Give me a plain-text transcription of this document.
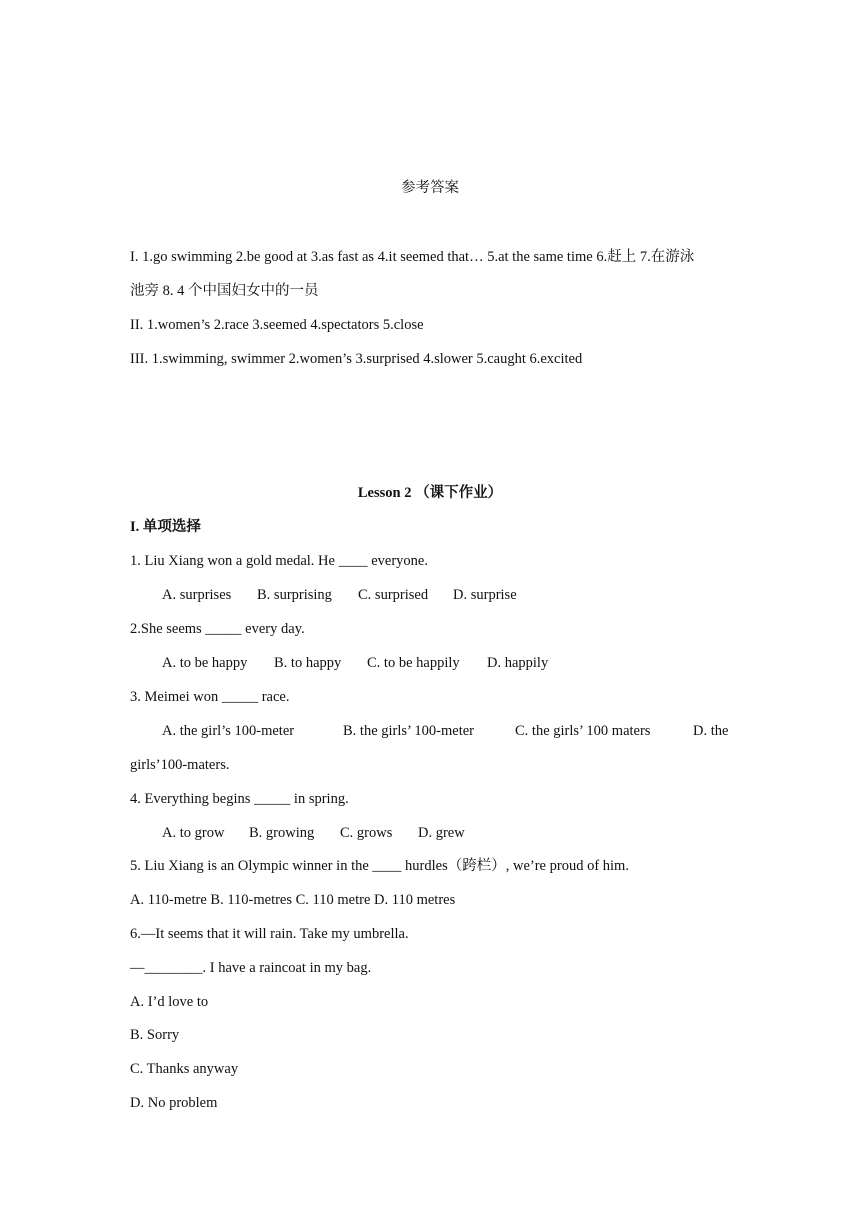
参考答案
I. 1.go swimming 2.be good at 3.as fast as 4.it seemed that… 5.at the same time 6.赶上 7.在游泳
池旁 8. 4 个中国妇女中的一员
II. 1.women’s 2.race 3.seemed 4.spectators 5.close
III. 1.swimming, swimmer 2.women’s 3.surprised 4.slower 5.caught 6.excited
Lesson 2 （课下作业）
I. 单项选择
1. Liu Xiang won a gold medal. He ____ everyone.
A. surprises B. surprising C. surprised D. surprise
2.She seems _____ every day.
A. to be happy B. to happy C. to be happily D. happily
3. Meimei won _____ race.
A. the girl’s 100-meter	B. the girls’ 100-meter	C. the girls’ 100 maters	D. the
girls’100-maters.
4. Everything begins _____ in spring.
A. to grow B. growing C. grows D. grew
5. Liu Xiang is an Olympic winner in the ____ hurdles（跨栏）, we’re proud of him.
A. 110-metre B. 110-metres C. 110 metre D. 110 metres
6.—It seems that it will rain. Take my umbrella.
—________. I have a raincoat in my bag.
A. I’d love to
B. Sorry
C. Thanks anyway
D. No problem
